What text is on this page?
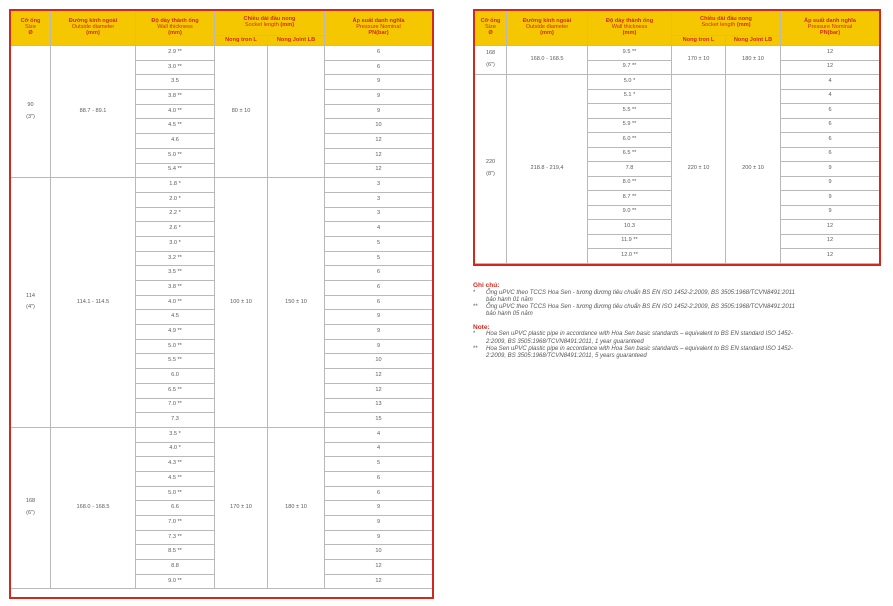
Cỡ ống
Size
Ø	Đường kính ngoài
Outside diameter
(mm)	Độ dày thành ống
Wall thickness
(mm)	Chiều dài đầu nong
Socket length (mm)		Áp suất danh nghĩa
Pressure Nominal
PN(bar)

			Nong tron L	Nong Joint LB	
90

(3")	88.7 - 89.1	2.9 **	80 ± 10		6
		3.0 **			6
		3.5			9
		3.8 **			9
		4.0 **			9
		4.5 **			10
		4.6			12
		5.0 **			12
		5.4 **			12
114

(4")	114.1 - 114.5	1.8 *	100 ± 10	150 ± 10	3
		2.0 *			3
		2.2 *			3
		2.6 *			4
		3.0 *			5
		3.2 **			5
		3.5 **			6
		3.8 **			6
		4.0 **			6
		4.5			9
		4.9 **			9
		5.0 **			9
		5.5 **			10
		6.0			12
		6.5 **			12
		7.0 **			13
		7.3			15
168

(6")	168.0 - 168.5	3.5 *	170 ± 10	180 ± 10	4
		4.0 *			4
		4.3 **			5
		4.5 **			6
		5.0 **			6
		6.6			9
		7.0 **			9
		7.3 **			9
		8.5 **			10
		8.8			12
		9.0 **			12
Cỡ ống
Size
Ø	Đường kính ngoài
Outside diameter
(mm)	Độ dày thành ống
Wall thickness
(mm)	Chiều dài đầu nong
Socket length (mm)		Áp suất danh nghĩa
Pressure Nominal
PN(bar)

			Nong tron L	Nong Joint LB	
168

(6")	168.0 - 168.5	9.5 **	170 ± 10	180 ± 10	12
		9.7 **			12
220

(8")	218.8 - 219,4	5.0 *	220 ± 10	200 ± 10	4
		5.1 *			4
		5.5 **			6
		5.9 **			6
		6.0 **			6
		6.5 **			6
		7.8			9
		8.0 **			9
		8.7 **			9
		9.0 **			9
		10.3			12
		11.9 **			12
		12.0 **			12
Ghi chú:
*	Ống uPVC theo TCCS Hoa Sen - tương đương tiêu chuẩn BS EN ISO 1452-2:2009, BS 3505:1968/TCVN8491:2011
bảo hành 01 năm
**	Ống uPVC theo TCCS Hoa Sen - tương đương tiêu chuẩn BS EN ISO 1452-2:2009, BS 3505:1968/TCVN8491:2011
bảo hành 05 năm
Note:
*	Hoa Sen uPVC plastic pipe in accordance with Hoa Sen basic standards – equivalent to BS EN standard ISO 1452-
2:2009, BS 3505:1968/TCVN8491:2011, 1 year guaranteed
**	Hoa Sen uPVC plastic pipe in accordance with Hoa Sen basic standards – equivalent to BS EN standard ISO 1452-
2:2009, BS 3505:1968/TCVN8491:2011, 5 years guaranteed
